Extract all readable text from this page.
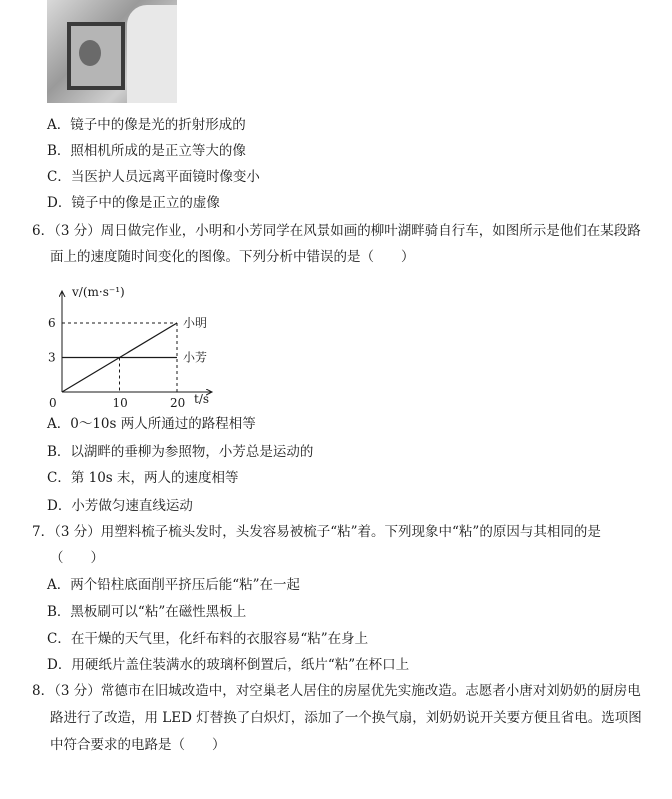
A．镜子中的像是光的折射形成的
B．照相机所成的是正立等大的像
C．当医护人员远离平面镜时像变小
D．镜子中的像是正立的虚像
6．（3 分）周日做完作业，小明和小芳同学在风景如画的柳叶湖畔骑自行车，如图所示是他们在某段路
面上的速度随时间变化的图像。下列分析中错误的是（　　）
v/(m·s⁻¹)
t/s
0
3
6
10	20
小明
小芳
A．0～10s 两人所通过的路程相等
B．以湖畔的垂柳为参照物，小芳总是运动的
C．第 10s 末，两人的速度相等
D．小芳做匀速直线运动
7．（3 分）用塑料梳子梳头发时，头发容易被梳子“粘”着。下列现象中“粘”的原因与其相同的是
（　　）
A．两个铅柱底面削平挤压后能“粘”在一起
B．黑板刷可以“粘”在磁性黑板上
C．在干燥的天气里，化纤布料的衣服容易“粘”在身上
D．用硬纸片盖住装满水的玻璃杯倒置后，纸片“粘”在杯口上
8．（3 分）常德市在旧城改造中，对空巢老人居住的房屋优先实施改造。志愿者小唐对刘奶奶的厨房电
路进行了改造，用 LED 灯替换了白炽灯，添加了一个换气扇，刘奶奶说开关要方便且省电。选项图
中符合要求的电路是（　　）
